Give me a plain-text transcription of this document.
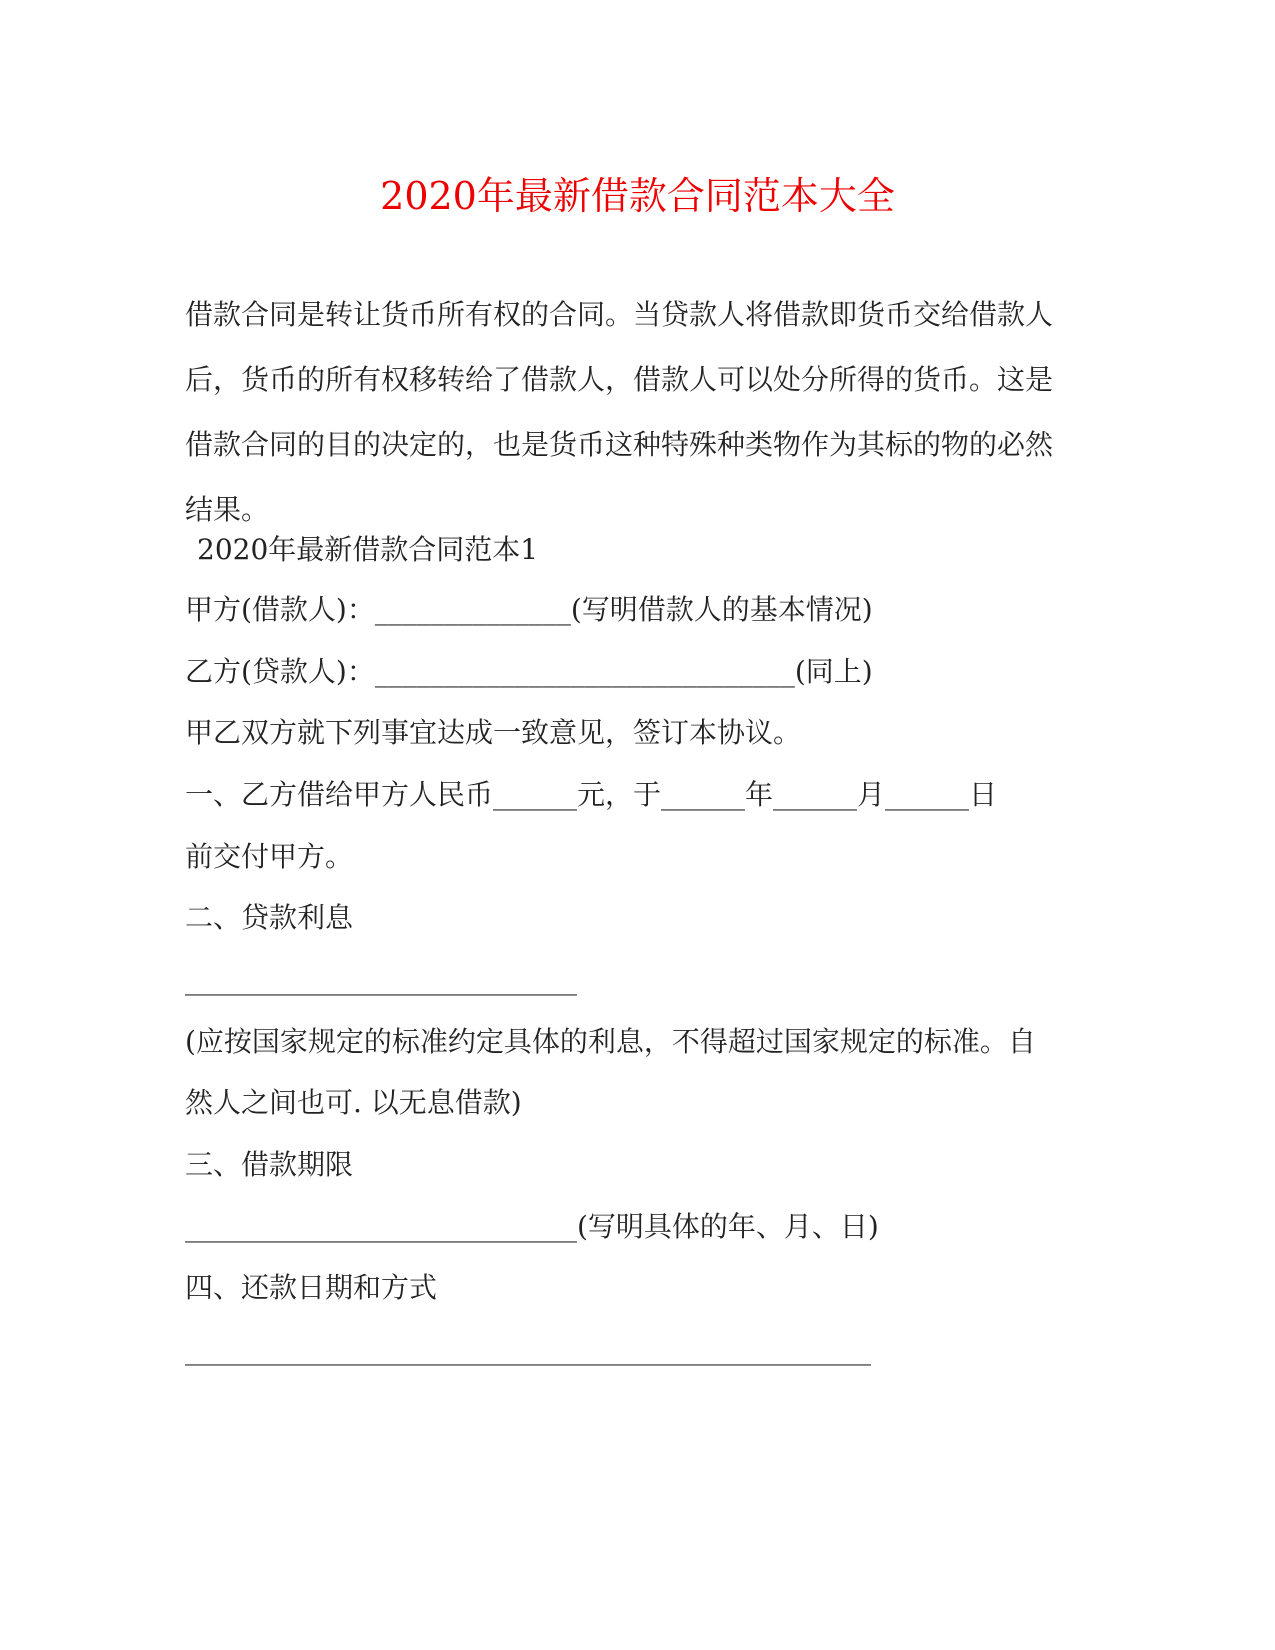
2020年最新借款合同范本大全
借款合同是转让货币所有权的合同。当贷款人将借款即货币交给借款人
后，货币的所有权移转给了借款人，借款人可以处分所得的货币。这是
借款合同的目的决定的，也是货币这种特殊种类物作为其标的物的必然
结果。
2020年最新借款合同范本1
甲方(借款人)：______________(写明借款人的基本情况)
乙方(贷款人)：______________________________(同上)
甲乙双方就下列事宜达成一致意见，签订本协议。
一、乙方借给甲方人民币______元，于______年______月______日
前交付甲方。
二、贷款利息
____________________________
(应按国家规定的标准约定具体的利息，不得超过国家规定的标准。自
然人之间也可. 以无息借款)
三、借款期限
____________________________(写明具体的年、月、日)
四、还款日期和方式
_________________________________________________
